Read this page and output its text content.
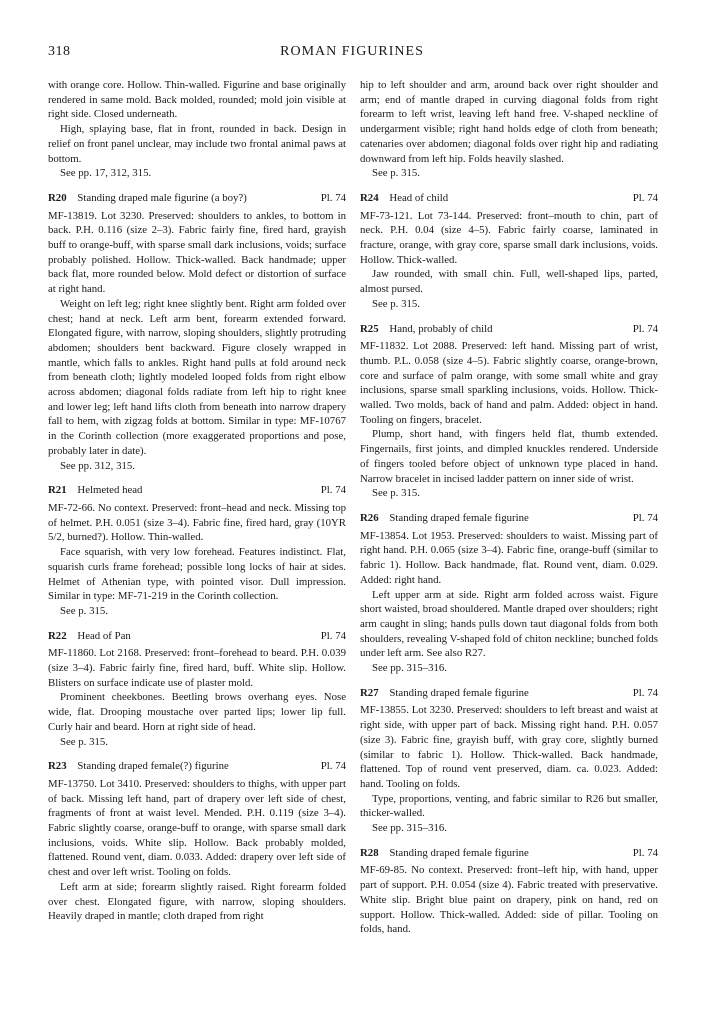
318	ROMAN FIGURINES

with orange core. Hollow. Thin-walled. Figurine and base originally rendered in same mold. Back molded, rounded; mold join visible at right side. Closed underneath.

High, splaying base, flat in front, rounded in back. Design in relief on front panel unclear, may include two frontal animal paws at bottom.

See pp. 17, 312, 315.

R20  Standing draped male figurine (a boy?)	Pl. 74

MF-13819. Lot 3230. Preserved: shoulders to ankles, to bottom in back. P.H. 0.116 (size 2–3). Fabric fairly fine, fired hard, grayish buff to orange-buff, with sparse small dark inclusions, voids; surface probably polished. Hollow. Thick-walled. Back handmade; upper back flat, more rounded below. Mold defect or distortion of surface at right hand.

Weight on left leg; right knee slightly bent. Right arm folded over chest; hand at neck. Left arm bent, forearm extended forward. Elongated figure, with narrow, sloping shoulders, slightly protruding abdomen; shoulders bent backward. Figure closely wrapped in mantle, which falls to ankles. Right hand pulls at fold around neck from beneath cloth; lightly modeled looped folds from right elbow across abdomen; diagonal folds radiate from left hip to right knee and lower leg; left hand lifts cloth from beneath into narrow drapery fall to hem, with zigzag folds at bottom. Similar in type: MF-10767 in the Corinth collection (more exaggerated proportions and pose, probably later in date).

See pp. 312, 315.

R21  Helmeted head	Pl. 74

MF-72-66. No context. Preserved: front–head and neck. Missing top of helmet. P.H. 0.051 (size 3–4). Fabric fine, fired hard, gray (10YR 5/2, burned?). Hollow. Thin-walled.

Face squarish, with very low forehead. Features indistinct. Flat, squarish curls frame forehead; possible long locks of hair at sides. Helmet of Athenian type, with pointed visor. Dull impression. Similar in type: MF-71-219 in the Corinth collection.

See p. 315.

R22  Head of Pan	Pl. 74

MF-11860. Lot 2168. Preserved: front–forehead to beard. P.H. 0.039 (size 3–4). Fabric fairly fine, fired hard, buff. White slip. Hollow. Blisters on surface indicate use of plaster mold.

Prominent cheekbones. Beetling brows overhang eyes. Nose wide, flat. Drooping moustache over parted lips; lower lip full. Curly hair and beard. Horn at right side of head.

See p. 315.

R23  Standing draped female(?) figurine	Pl. 74

MF-13750. Lot 3410. Preserved: shoulders to thighs, with upper part of back. Missing left hand, part of drapery over left side of chest, fragments of front at waist level. Mended. P.H. 0.119 (size 3–4). Fabric slightly coarse, orange-buff to orange, with sparse small dark inclusions, voids. White slip. Hollow. Back probably molded, flattened. Round vent, diam. 0.033. Added: drapery over left side of chest and over left wrist. Tooling on folds.

Left arm at side; forearm slightly raised. Right forearm folded over chest. Elongated figure, with narrow, sloping shoulders. Heavily draped in mantle; cloth draped from right

hip to left shoulder and arm, around back over right shoulder and arm; end of mantle draped in curving diagonal folds from right forearm to left wrist, leaving left hand free. V-shaped neckline of undergarment visible; right hand holds edge of cloth from beneath; catenaries over abdomen; diagonal folds over right hip and radiating downward from left hip. Folds heavily slashed.

See p. 315.

R24  Head of child	Pl. 74

MF-73-121. Lot 73-144. Preserved: front–mouth to chin, part of neck. P.H. 0.04 (size 4–5). Fabric fairly coarse, laminated in fracture, orange, with gray core, sparse small dark inclusions, voids. Hollow. Thick-walled.

Jaw rounded, with small chin. Full, well-shaped lips, parted, almost pursed.

See p. 315.

R25  Hand, probably of child	Pl. 74

MF-11832. Lot 2088. Preserved: left hand. Missing part of wrist, thumb. P.L. 0.058 (size 4–5). Fabric slightly coarse, orange-brown, core and surface of palm orange, with some small white and gray inclusions, sparse small sparkling inclusions, voids. Hollow. Thick-walled. Two molds, back of hand and palm. Added: object in hand. Tooling on fingers, bracelet.

Plump, short hand, with fingers held flat, thumb extended. Fingernails, first joints, and dimpled knuckles rendered. Underside of fingers tooled before object of unknown type placed in hand. Narrow bracelet in incised ladder pattern on inner side of wrist.

See p. 315.

R26  Standing draped female figurine	Pl. 74

MF-13854. Lot 1953. Preserved: shoulders to waist. Missing part of right hand. P.H. 0.065 (size 3–4). Fabric fine, orange-buff (similar to fabric 1). Hollow. Back handmade, flat. Round vent, diam. 0.029. Added: right hand.

Left upper arm at side. Right arm folded across waist. Figure short waisted, broad shouldered. Mantle draped over shoulders; right arm caught in sling; hands pulls down taut diagonal folds from both shoulders, revealing V-shaped fold of chiton neckline; bunched folds under left arm. See also R27.

See pp. 315–316.

R27  Standing draped female figurine	Pl. 74

MF-13855. Lot 3230. Preserved: shoulders to left breast and waist at right side, with upper part of back. Missing right hand. P.H. 0.057 (size 3). Fabric fine, grayish buff, with gray core, slightly burned (similar to fabric 1). Hollow. Thick-walled. Back handmade, flattened. Top of round vent preserved, diam. ca. 0.023. Added: hand. Tooling on folds.

Type, proportions, venting, and fabric similar to R26 but smaller, thicker-walled.

See pp. 315–316.

R28  Standing draped female figurine	Pl. 74

MF-69-85. No context. Preserved: front–left hip, with hand, upper part of support. P.H. 0.054 (size 4). Fabric treated with preservative. White slip. Bright blue paint on drapery, pink on hand, red on support. Hollow. Thick-walled. Added: side of pillar. Tooling on folds, hand.
